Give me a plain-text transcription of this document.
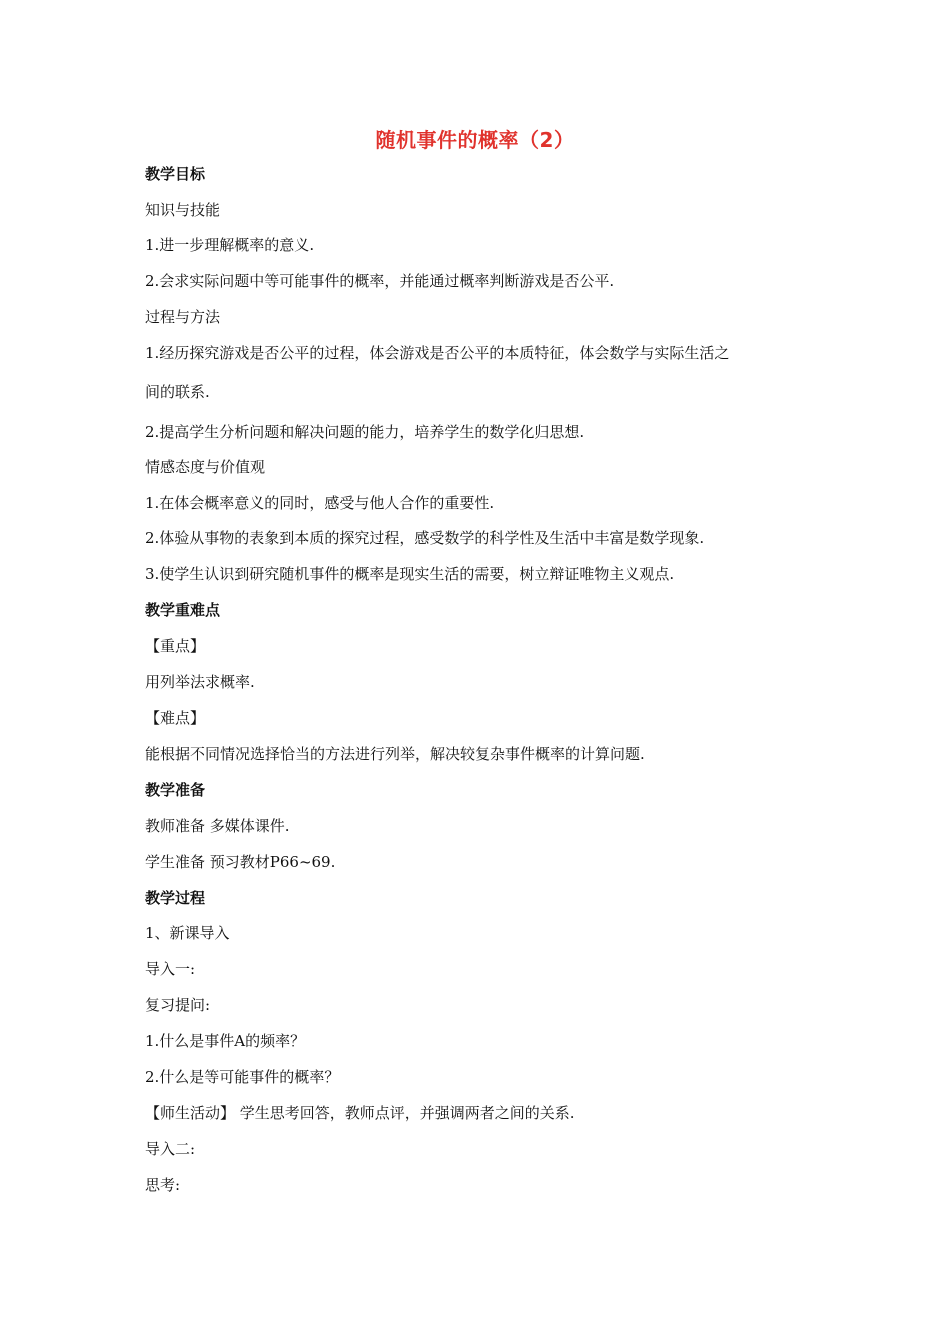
随机事件的概率（2）
教学目标
知识与技能
1.进一步理解概率的意义.
2.会求实际问题中等可能事件的概率，并能通过概率判断游戏是否公平.
过程与方法
1.经历探究游戏是否公平的过程，体会游戏是否公平的本质特征，体会数学与实际生活之
间的联系.
2.提高学生分析问题和解决问题的能力，培养学生的数学化归思想.
情感态度与价值观
1.在体会概率意义的同时，感受与他人合作的重要性.
2.体验从事物的表象到本质的探究过程，感受数学的科学性及生活中丰富是数学现象.
3.使学生认识到研究随机事件的概率是现实生活的需要，树立辩证唯物主义观点.
教学重难点
【重点】
用列举法求概率.
【难点】
能根据不同情况选择恰当的方法进行列举，解决较复杂事件概率的计算问题.
教学准备
教师准备 多媒体课件.
学生准备 预习教材P66~69.
教学过程
1、新课导入
导入一:
复习提问:
1.什么是事件A的频率？
2.什么是等可能事件的概率？
【师生活动】 学生思考回答，教师点评，并强调两者之间的关系.
导入二:
思考:
